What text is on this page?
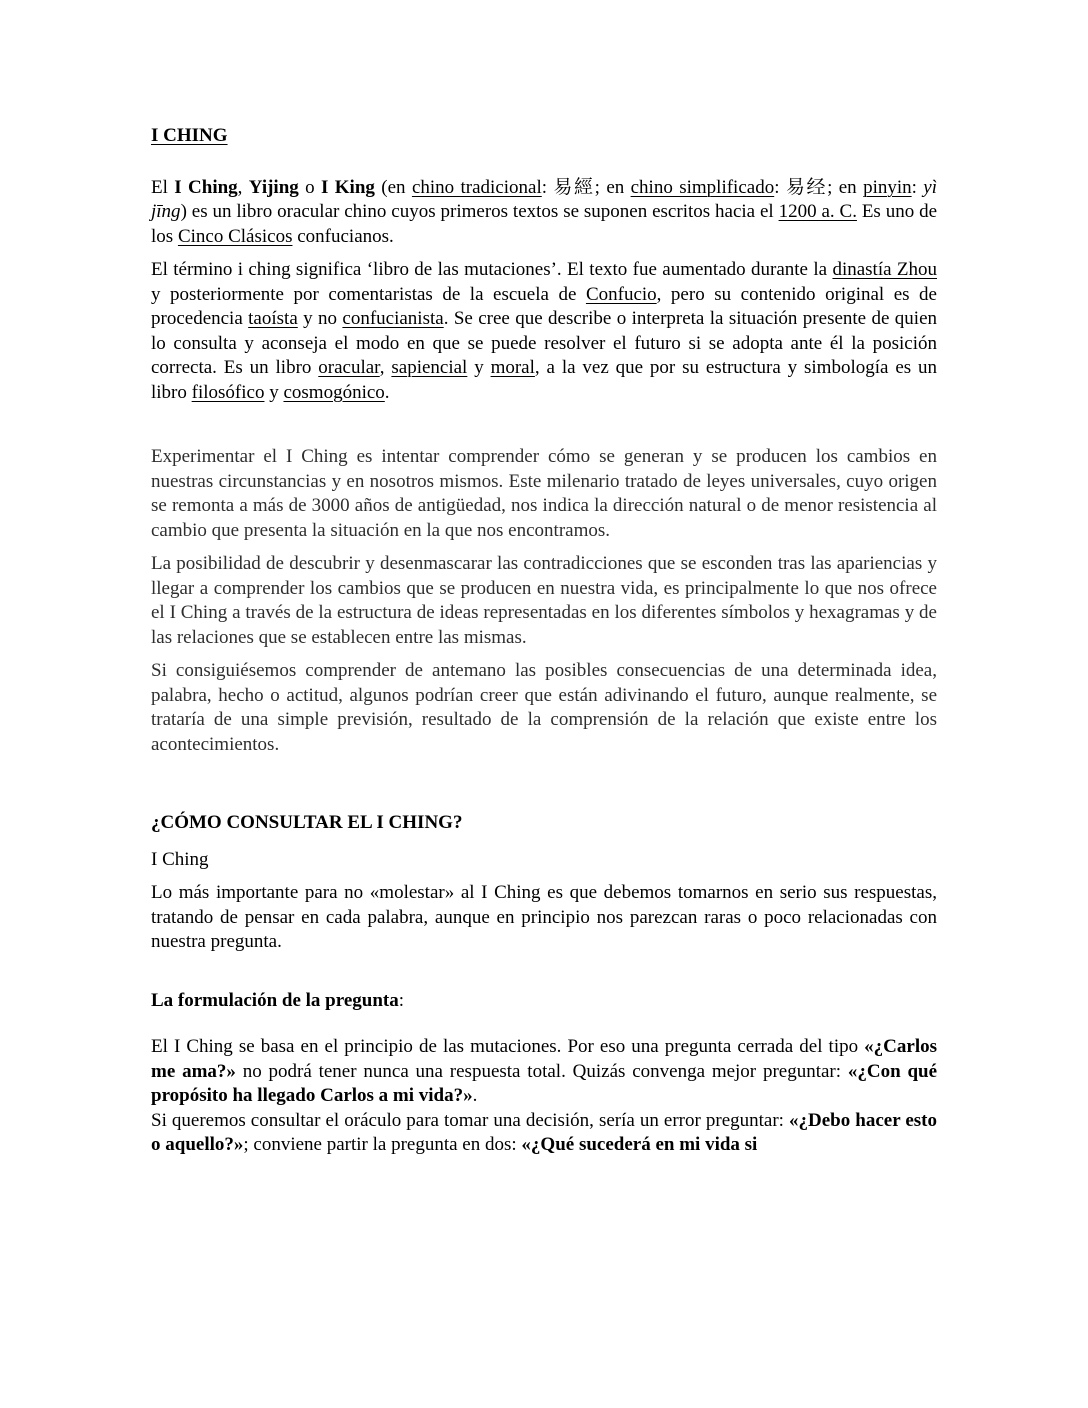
I CHING

El I Ching, Yijing o I King (en chino tradicional: 易經; en chino simplificado: 易经; en pinyin: yì jīng) es un libro oracular chino cuyos primeros textos se suponen escritos hacia el 1200 a. C. Es uno de los Cinco Clásicos confucianos.

El término i ching significa ‘libro de las mutaciones’. El texto fue aumentado durante la dinastía Zhou y posteriormente por comentaristas de la escuela de Confucio, pero su contenido original es de procedencia taoísta y no confucianista. Se cree que describe o interpreta la situación presente de quien lo consulta y aconseja el modo en que se puede resolver el futuro si se adopta ante él la posición correcta. Es un libro oracular, sapiencial y moral, a la vez que por su estructura y simbología es un libro filosófico y cosmogónico.

Experimentar el I Ching es intentar comprender cómo se generan y se producen los cambios en nuestras circunstancias y en nosotros mismos. Este milenario tratado de leyes universales, cuyo origen se remonta a más de 3000 años de antigüedad, nos indica la dirección natural o de menor resistencia al cambio que presenta la situación en la que nos encontramos.

La posibilidad de descubrir y desenmascarar las contradicciones que se esconden tras las apariencias y llegar a comprender los cambios que se producen en nuestra vida, es principalmente lo que nos ofrece el I Ching a través de la estructura de ideas representadas en los diferentes símbolos y hexagramas y de las relaciones que se establecen entre las mismas.

Si consiguiésemos comprender de antemano las posibles consecuencias de una determinada idea, palabra, hecho o actitud, algunos podrían creer que están adivinando el futuro, aunque realmente, se trataría de una simple previsión, resultado de la comprensión de la relación que existe entre los acontecimientos.

¿CÓMO CONSULTAR EL I CHING?

I Ching

Lo más importante para no «molestar» al I Ching es que debemos tomarnos en serio sus respuestas, tratando de pensar en cada palabra, aunque en principio nos parezcan raras o poco relacionadas con nuestra pregunta.

La formulación de la pregunta:

El I Ching se basa en el principio de las mutaciones. Por eso una pregunta cerrada del tipo «¿Carlos me ama?» no podrá tener nunca una respuesta total. Quizás convenga mejor preguntar: «¿Con qué propósito ha llegado Carlos a mi vida?».

Si queremos consultar el oráculo para tomar una decisión, sería un error preguntar: «¿Debo hacer esto o aquello?»; conviene partir la pregunta en dos: «¿Qué sucederá en mi vida si
